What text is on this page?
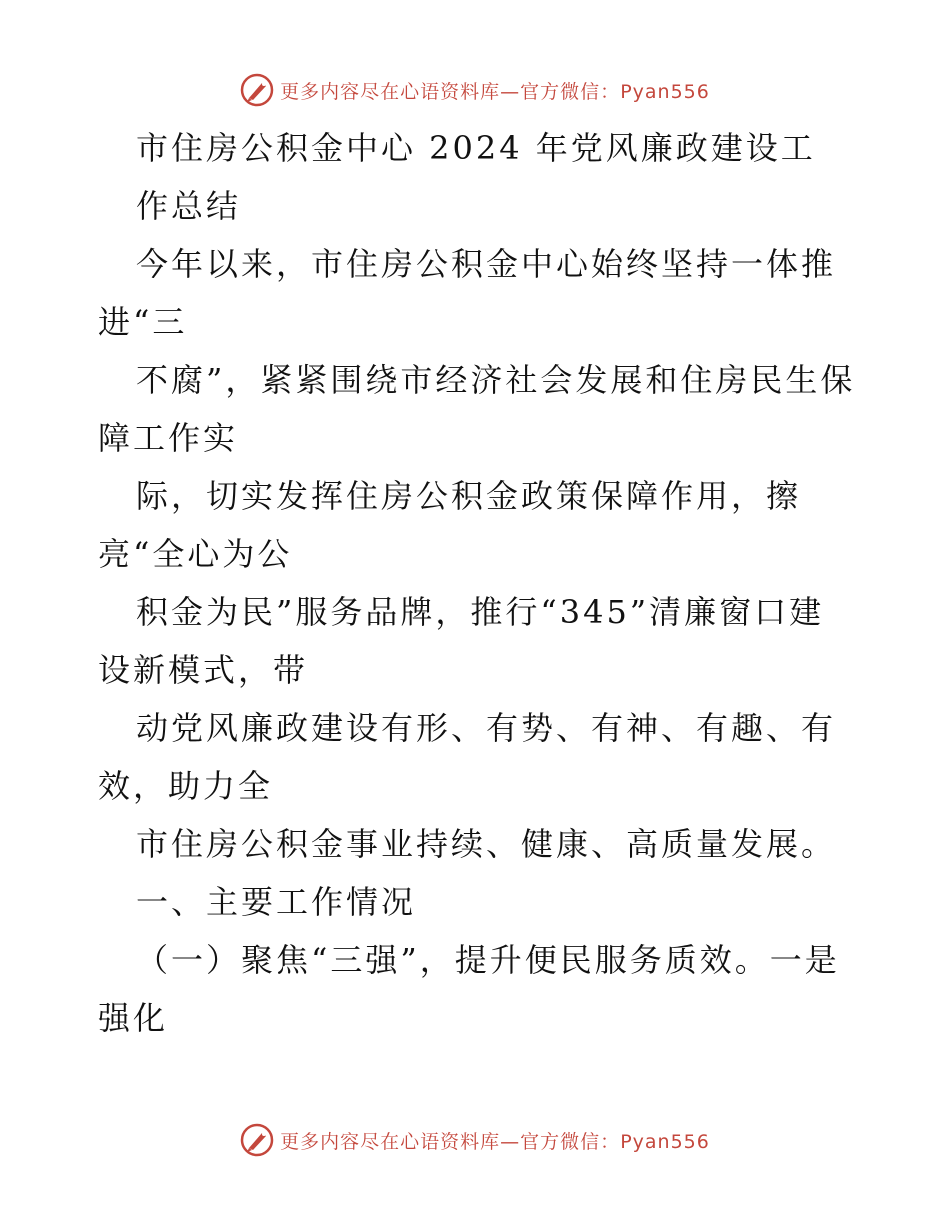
更多内容尽在心语资料库—官方微信：Pyan556
市住房公积金中心 2024 年党风廉政建设工
作总结
今年以来，市住房公积金中心始终坚持一体推
进“三
不腐”，紧紧围绕市经济社会发展和住房民生保
障工作实
际，切实发挥住房公积金政策保障作用，擦
亮“全心为公
积金为民”服务品牌，推行“345”清廉窗口建
设新模式，带
动党风廉政建设有形、有势、有神、有趣、有
效，助力全
市住房公积金事业持续、健康、高质量发展。
一、主要工作情况
（一）聚焦“三强”，提升便民服务质效。一是
强化
更多内容尽在心语资料库—官方微信：Pyan556
